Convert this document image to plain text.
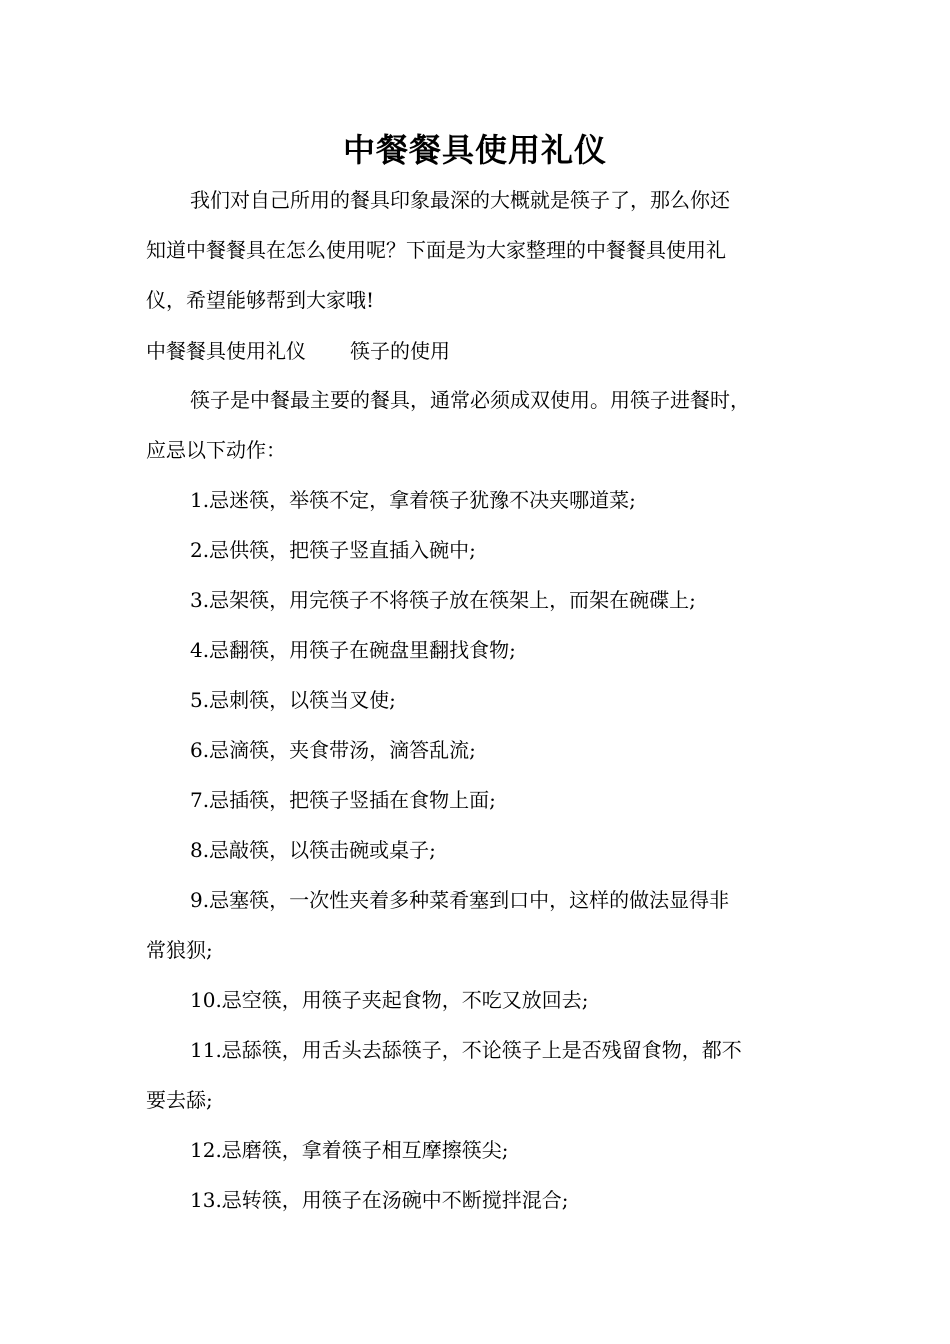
中餐餐具使用礼仪
我们对自己所用的餐具印象最深的大概就是筷子了，那么你还
知道中餐餐具在怎么使用呢？下面是为大家整理的中餐餐具使用礼
仪，希望能够帮到大家哦!
中餐餐具使用礼仪 筷子的使用
筷子是中餐最主要的餐具，通常必须成双使用。用筷子进餐时，
应忌以下动作：
1.忌迷筷，举筷不定，拿着筷子犹豫不决夹哪道菜;
2.忌供筷，把筷子竖直插入碗中;
3.忌架筷，用完筷子不将筷子放在筷架上，而架在碗碟上;
4.忌翻筷，用筷子在碗盘里翻找食物;
5.忌刺筷，以筷当叉使;
6.忌滴筷，夹食带汤，滴答乱流;
7.忌插筷，把筷子竖插在食物上面;
8.忌敲筷，以筷击碗或桌子;
9.忌塞筷，一次性夹着多种菜肴塞到口中，这样的做法显得非
常狼狈;
10.忌空筷，用筷子夹起食物，不吃又放回去;
11.忌舔筷，用舌头去舔筷子，不论筷子上是否残留食物，都不
要去舔;
12.忌磨筷，拿着筷子相互摩擦筷尖;
13.忌转筷，用筷子在汤碗中不断搅拌混合;
